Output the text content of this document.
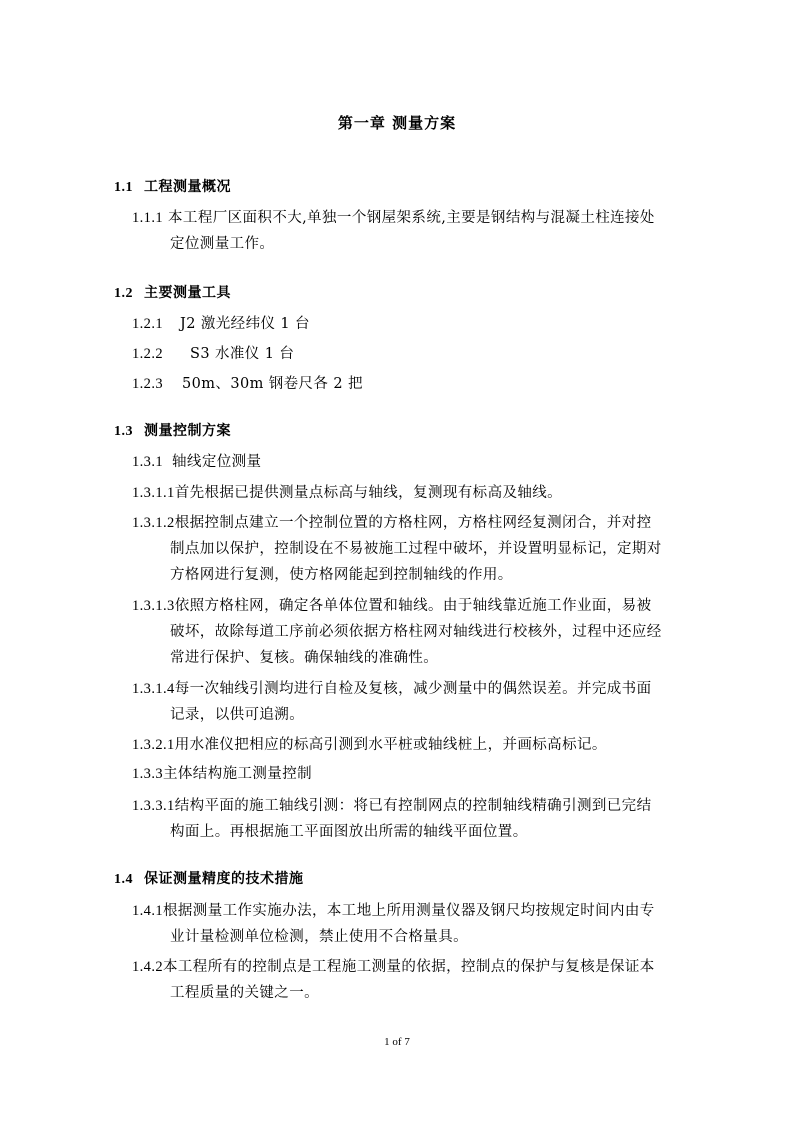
第一章 测量方案
1.1 工程测量概况
1.1.1 本工程厂区面积不大,单独一个钢屋架系统,主要是钢结构与混凝土柱连接处
定位测量工作。
1.2 主要测量工具
1.2.1 J2 激光经纬仪 1 台
1.2.2 S3 水准仪 1 台
1.2.3 50m、30m 钢卷尺各 2 把
1.3 测量控制方案
1.3.1 轴线定位测量
1.3.1.1首先根据已提供测量点标高与轴线，复测现有标高及轴线。
1.3.1.2根据控制点建立一个控制位置的方格柱网，方格柱网经复测闭合，并对控
制点加以保护，控制设在不易被施工过程中破坏，并设置明显标记，定期对
方格网进行复测，使方格网能起到控制轴线的作用。
1.3.1.3依照方格柱网，确定各单体位置和轴线。由于轴线靠近施工作业面，易被
破坏，故除每道工序前必须依据方格柱网对轴线进行校核外，过程中还应经
常进行保护、复核。确保轴线的准确性。
1.3.1.4每一次轴线引测均进行自检及复核，减少测量中的偶然误差。并完成书面
记录，以供可追溯。
1.3.2.1用水准仪把相应的标高引测到水平桩或轴线桩上，并画标高标记。
1.3.3主体结构施工测量控制
1.3.3.1结构平面的施工轴线引测：将已有控制网点的控制轴线精确引测到已完结
构面上。再根据施工平面图放出所需的轴线平面位置。
1.4 保证测量精度的技术措施
1.4.1根据测量工作实施办法，本工地上所用测量仪器及钢尺均按规定时间内由专
业计量检测单位检测，禁止使用不合格量具。
1.4.2本工程所有的控制点是工程施工测量的依据，控制点的保护与复核是保证本
工程质量的关键之一。
1 of 7
